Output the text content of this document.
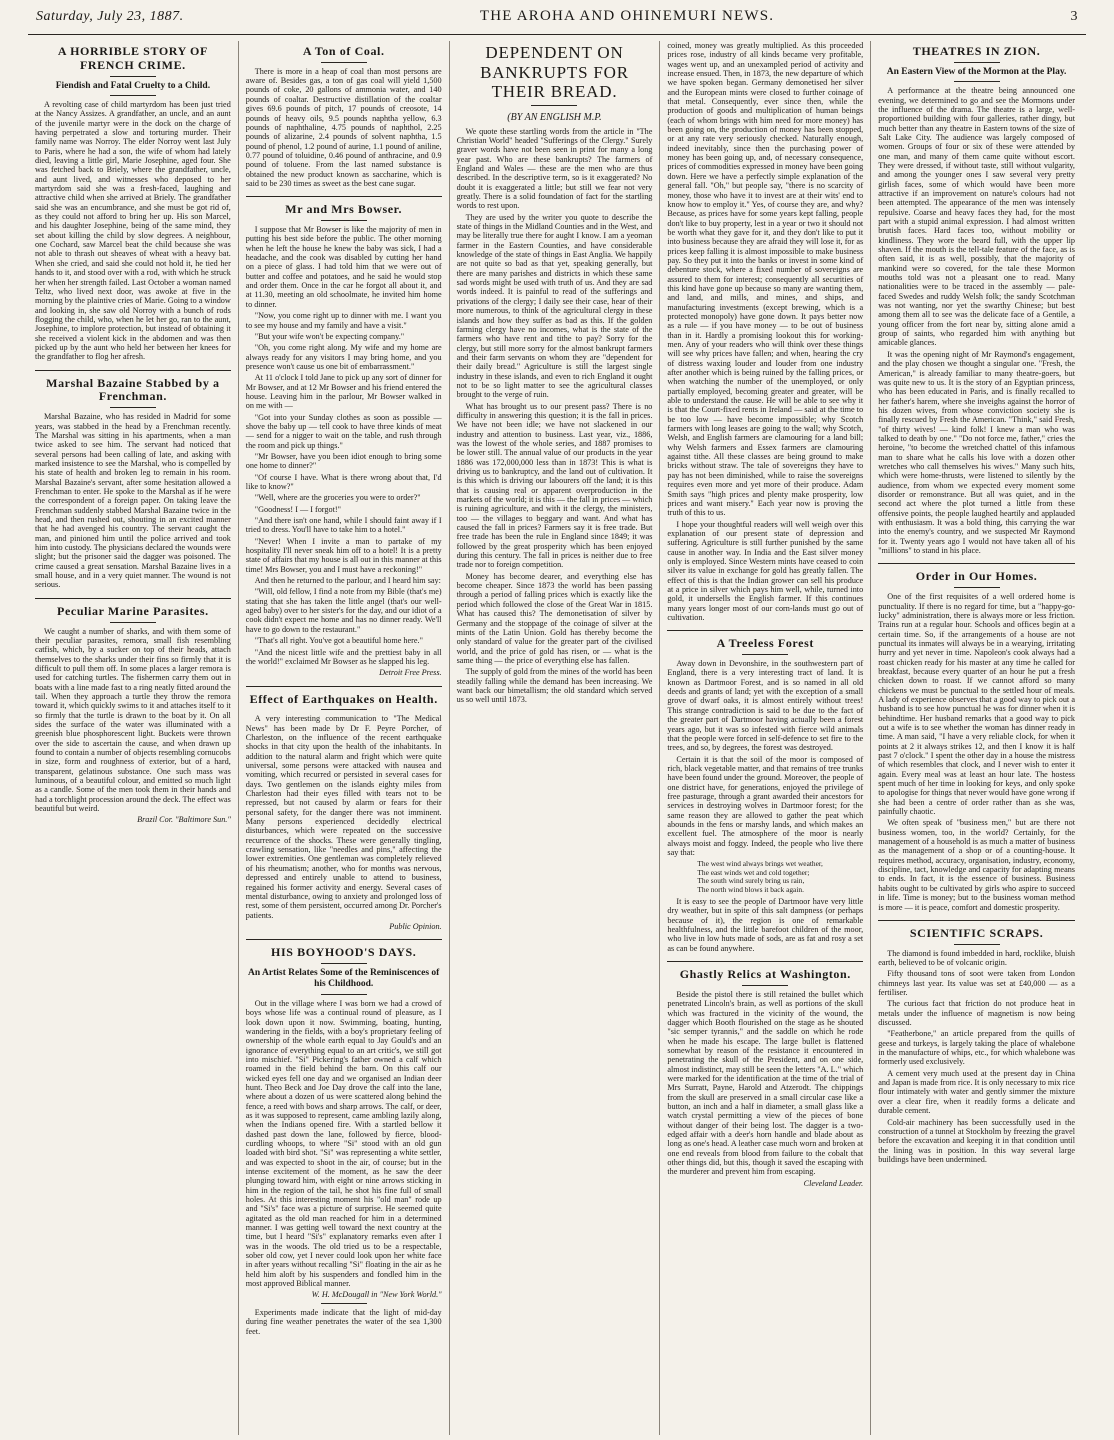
Saturday, July 23, 1887.	THE AROHA AND OHINEMURI NEWS.	3
A HORRIBLE STORY OF FRENCH CRIME.
Fiendish and Fatal Cruelty to a Child.

A revolting case of child martyrdom has been just tried at the Nancy Assizes. A grandfather, an uncle, and an aunt of the juvenile martyr were in the dock on the charge of having perpetrated a slow and torturing murder. Their family name was Norroy. The elder Norroy went last July to Paris, where he had a son, the wife of whom had lately died, leaving a little girl, Marie Josephine, aged four. She was fetched back to Briely, where the grandfather, uncle, and aunt lived, and witnesses who deposed to her martyrdom said she was a fresh-faced, laughing and attractive child when she arrived at Briely. The grandfather said she was an encumbrance, and she must be got rid of, as they could not afford to bring her up. His son Marcel, and his daughter Josephine, being of the same mind, they set about killing the child by slow degrees. A neighbour, one Cochard, saw Marcel beat the child because she was not able to thrash out sheaves of wheat with a heavy bat. When she cried, and said she could not hold it, he tied her hands to it, and stood over with a rod, with which he struck her when her strength failed. Last October a woman named Teltz, who lived next door, was awoke at five in the morning by the plaintive cries of Marie. Going to a window and looking in, she saw old Norroy with a bunch of rods flogging the child, who, when he let her go, ran to the aunt, Josephine, to implore protection, but instead of obtaining it she received a violent kick in the abdomen and was then picked up by the aunt who held her between her knees for the grandfather to flog her afresh.

Marshal Bazaine Stabbed by a Frenchman.

Marshal Bazaine, who has resided in Madrid for some years, was stabbed in the head by a Frenchman recently. The Marshal was sitting in his apartments, when a man twice asked to see him. The servant had noticed that several persons had been calling of late, and asking with marked insistence to see the Marshal, who is compelled by his state of health and broken leg to remain in his room. Marshal Bazaine's servant, after some hesitation allowed a Frenchman to enter. He spoke to the Marshal as if he were the correspondent of a foreign paper. On taking leave the Frenchman suddenly stabbed Marshal Bazaine twice in the head, and then rushed out, shouting in an excited manner that he had avenged his country. The servant caught the man, and pinioned him until the police arrived and took him into custody. The physicians declared the wounds were slight; but the prisoner said the dagger was poisoned. The crime caused a great sensation. Marshal Bazaine lives in a small house, and in a very quiet manner. The wound is not serious.

Peculiar Marine Parasites.

We caught a number of sharks, and with them some of their peculiar parasites, remora, small fish resembling catfish, which, by a sucker on top of their heads, attach themselves to the sharks under their fins so firmly that it is difficult to pull them off. In some places a larger remora is used for catching turtles. The fishermen carry them out in boats with a line made fast to a ring neatly fitted around the tail. When they approach a turtle they throw the remora toward it, which quickly swims to it and attaches itself to it so firmly that the turtle is drawn to the boat by it. On all sides the surface of the water was illuminated with a greenish blue phosphorescent light. Buckets were thrown over the side to ascertain the cause, and when drawn up found to contain a number of objects resembling cornucobs in size, form and roughness of exterior, but of a hard, transparent, gelatinous substance. One such mass was luminous, of a beautiful colour, and emitted so much light as a candle. Some of the men took them in their hands and had a torchlight procession around the deck. The effect was beautiful but weird.

Brazil Cor. "Baltimore Sun."

A Ton of Coal.

There is more in a heap of coal than most persons are aware of. Besides gas, a ton of gas coal will yield 1,500 pounds of coke, 20 gallons of ammonia water, and 140 pounds of coaltar. Destructive distillation of the coaltar gives 69.6 pounds of pitch, 17 pounds of creosote, 14 pounds of heavy oils, 9.5 pounds naphtha yellow, 6.3 pounds of naphthaline, 4.75 pounds of naphthol, 2.25 pounds of alizarine, 2.4 pounds of solvent naphtha, 1.5 pound of phenol, 1.2 pound of aurine, 1.1 pound of aniline, 0.77 pound of toluidine, 0.46 pound of anthracine, and 0.9 pound of toluene. From the last named substance is obtained the new product known as saccharine, which is said to be 230 times as sweet as the best cane sugar.

Mr and Mrs Bowser.

I suppose that Mr Bowser is like the majority of men in putting his best side before the public. The other morning when he left the house he knew the baby was sick, I had a headache, and the cook was disabled by cutting her hand on a piece of glass. I had told him that we were out of butter and coffee and potatoes, and he said he would stop and order them. Once in the car he forgot all about it, and at 11.30, meeting an old schoolmate, he invited him home to dinner.

"Now, you come right up to dinner with me. I want you to see my house and my family and have a visit."

"But your wife won't be expecting company."

"Oh, you come right along. My wife and my home are always ready for any visitors I may bring home, and you presence won't cause us one bit of embarrassment."

At 11 o'clock I told Jane to pick up any sort of dinner for Mr Bowser, and at 12 Mr Bowser and his friend entered the house. Leaving him in the parlour, Mr Bowser walked in on me with —

"Got into your Sunday clothes as soon as possible — shove the baby up — tell cook to have three kinds of meat — send for a nigger to wait on the table, and rush through the room and pick up things."

"Mr Bowser, have you been idiot enough to bring some one home to dinner?"

"Of course I have. What is there wrong about that, I'd like to know?"

"Well, where are the groceries you were to order?"

"Goodness! I — I forgot!"

"And there isn't one hand, while I should faint away if I tried to dress. You'll have to take him to a hotel."

"Never! When I invite a man to partake of my hospitality I'll never sneak him off to a hotel! It is a pretty state of affairs that my house is all out in this manner at this time! Mrs Bowser, you and I must have a reckoning!"

And then he returned to the parlour, and I heard him say:

"Will, old fellow, I find a note from my Bible (that's me) stating that she has taken the little angel (that's our well-aged baby) over to her sister's for the day, and our idiot of a cook didn't expect me home and has no dinner ready. We'll have to go down to the restaurant."

"That's all right. You've got a beautiful home here."

"And the nicest little wife and the prettiest baby in all the world!" exclaimed Mr Bowser as he slapped his leg.

Detroit Free Press.

Effect of Earthquakes on Health.

A very interesting communication to "The Medical News" has been made by Dr F. Peyre Porcher, of Charleston, on the influence of the recent earthquake shocks in that city upon the health of the inhabitants. In addition to the natural alarm and fright which were quite universal, some persons were attacked with nausea and vomiting, which recurred or persisted in several cases for days. Two gentlemen on the islands eighty miles from Charleston had their eyes filled with tears not to be repressed, but not caused by alarm or fears for their personal safety, for the danger there was not imminent. Many persons experienced decidedly electrical disturbances, which were repeated on the successive recurrence of the shocks. These were generally tingling, crawling sensation, like "needles and pins," affecting the lower extremities. One gentleman was completely relieved of his rheumatism; another, who for months was nervous, depressed and entirely unable to attend to business, regained his former activity and energy. Several cases of mental disturbance, owing to anxiety and prolonged loss of rest, some of them persistent, occurred among Dr. Porcher's patients.

Public Opinion.

HIS BOYHOOD'S DAYS.
An Artist Relates Some of the Reminiscences of his Childhood.

Out in the village where I was born we had a crowd of boys whose life was a continual round of pleasure, as I look down upon it now. Swimming, boating, hunting, wandering in the fields, with a boy's proprietary feeling of ownership of the whole earth equal to Jay Gould's and an ignorance of everything equal to an art critic's, we still got into mischief. "Si" Pickering's father owned a calf which roamed in the field behind the barn. On this calf our wicked eyes fell one day and we organised an Indian deer hunt. Theo Beck and Joe Day drove the calf into the lane, where about a dozen of us were scattered along behind the fence, a reed with bows and sharp arrows. The calf, or deer, as it was supposed to represent, came ambling lazily along, when the Indians opened fire. With a startled bellow it dashed past down the lane, followed by fierce, blood-curdling whoops, to where "Si" stood with an old gun loaded with bird shot. "Si" was representing a white settler, and was expected to shoot in the air, of course; but in the intense excitement of the moment, as he saw the deer plunging toward him, with eight or nine arrows sticking in him in the region of the tail, he shot his fine full of small holes. At this interesting moment his "old man" rode up and "Si's" face was a picture of surprise. He seemed quite agitated as the old man reached for him in a determined manner. I was getting well toward the next country at the time, but I heard "Si's" explanatory remarks even after I was in the woods. The old tried us to be a respectable, sober old cow, yet I never could look upon her white face in after years without recalling "Si" floating in the air as he held him aloft by his suspenders and fondled him in the most approved Biblical manner.

W. H. McDougall in "New York World."

Experiments made indicate that the light of mid-day during fine weather penetrates the water of the sea 1,300 feet.

DEPENDENT ON BANKRUPTS FOR THEIR BREAD.
(BY AN ENGLISH M.P.

We quote these startling words from the article in "The Christian World" headed "Sufferings of the Clergy." Surely graver words have not been seen in print for many a long year past. Who are these bankrupts? The farmers of England and Wales — these are the men who are thus described. In the descriptive term, so is it exaggerated? No doubt it is exaggerated a little; but still we fear not very greatly. There is a solid foundation of fact for the startling words to rest upon.

They are used by the writer you quote to describe the state of things in the Midland Counties and in the West, and may be literally true there for aught I know. I am a yeoman farmer in the Eastern Counties, and have considerable knowledge of the state of things in East Anglia. We happily are not quite so bad as that yet, speaking generally, but there are many parishes and districts in which these same sad words might be used with truth of us. And they are sad words indeed. It is painful to read of the sufferings and privations of the clergy; I daily see their case, hear of their more numerous, to think of the agricultural clergy in these islands and how they suffer as bad as this. If the golden farming clergy have no incomes, what is the state of the farmers who have rent and tithe to pay? Sorry for the clergy, but still more sorry for the almost bankrupt farmers and their farm servants on whom they are "dependent for their daily bread." Agriculture is still the largest single industry in these islands, and even to rich England it ought not to be so light matter to see the agricultural classes brought to the verge of ruin.

What has brought us to our present pass? There is no difficulty in answering this question; it is the fall in prices. We have not been idle; we have not slackened in our industry and attention to business. Last year, viz., 1886, was the lowest of the whole series, and 1887 promises to be lower still. The annual value of our products in the year 1886 was 172,000,000 less than in 1873! This is what is driving us to bankruptcy, and the land out of cultivation. It is this which is driving our labourers off the land; it is this that is causing real or apparent overproduction in the markets of the world; it is this — the fall in prices — which is ruining agriculture, and with it the clergy, the ministers, too — the villages to beggary and want. And what has caused the fall in prices? Farmers say it is free trade. But free trade has been the rule in England since 1849; it was followed by the great prosperity which has been enjoyed during this century. The fall in prices is neither due to free trade nor to foreign competition.

Money has become dearer, and everything else has become cheaper. Since 1873 the world has been passing through a period of falling prices which is exactly like the period which followed the close of the Great War in 1815. What has caused this? The demonetisation of silver by Germany and the stoppage of the coinage of silver at the mints of the Latin Union. Gold has thereby become the only standard of value for the greater part of the civilised world, and the price of gold has risen, or — what is the same thing — the price of everything else has fallen.

The supply of gold from the mines of the world has been steadily falling while the demand has been increasing. We want back our bimetallism; the old standard which served us so well until 1873.

coined, money was greatly multiplied. As this proceeded prices rose, industry of all kinds became very profitable, wages went up, and an unexampled period of activity and increase ensued. Then, in 1873, the new departure of which we have spoken began. Germany demonetised her silver and the European mints were closed to further coinage of that metal. Consequently, ever since then, while the production of goods and multiplication of human beings (each of whom brings with him need for more money) has been going on, the production of money has been stopped, or at any rate very seriously checked. Naturally enough, indeed inevitably, since then the purchasing power of money has been going up, and, of necessary consequence, prices of commodities expressed in money have been going down. Here we have a perfectly simple explanation of the general fall. "Oh," but people say, "there is no scarcity of money, those who have it to invest are at their wits' end to know how to employ it." Yes, of course they are, and why? Because, as prices have for some years kept falling, people don't like to buy property, lest in a year or two it should not be worth what they gave for it, and they don't like to put it into business because they are afraid they will lose it, for as prices keep falling it is almost impossible to make business pay. So they put it into the banks or invest in some kind of debenture stock, where a fixed number of sovereigns are assured to them for interest; consequently all securities of this kind have gone up because so many are wanting them, and land, and mills, and mines, and ships, and manufacturing investments (except brewing, which is a protected monopoly) have gone down. It pays better now as a rule — if you have money — to be out of business than in it. Hardly a promising lookout this for working-men. Any of your readers who will think over these things will see why prices have fallen; and when, hearing the cry of distress waxing louder and louder from one industry after another which is being ruined by the falling prices, or when watching the number of the unemployed, or only partially employed, becoming greater and greater, will be able to understand the cause. He will be able to see why it is that the Court-fixed rents in Ireland — said at the time to be too low — have become impossible; why Scotch farmers with long leases are going to the wall; why Scotch, Welsh, and English farmers are clamouring for a land bill; why Welsh farmers and Essex farmers are clamouring against tithe. All these classes are being ground to make bricks without straw. The tale of sovereigns they have to pay has not been diminished, while to raise the sovereigns requires even more and yet more of their produce. Adam Smith says "high prices and plenty make prosperity, low prices and want misery." Each year now is proving the truth of this to us.

I hope your thoughtful readers will well weigh over this explanation of our present state of depression and suffering. Agriculture is still further punished by the same cause in another way. In India and the East silver money only is employed. Since Western mints have ceased to coin silver its value in exchange for gold has greatly fallen. The effect of this is that the Indian grower can sell his produce at a price in silver which pays him well, while, turned into gold, it undersells the English farmer. If this continues many years longer most of our corn-lands must go out of cultivation.

A Treeless Forest

Away down in Devonshire, in the southwestern part of England, there is a very interesting tract of land. It is known as Dartmoor Forest, and is so named in all old deeds and grants of land; yet with the exception of a small grove of dwarf oaks, it is almost entirely without trees! This strange contradiction is said to be due to the fact of the greater part of Dartmoor having actually been a forest years ago, but it was so infested with fierce wild animals that the people were forced in self-defence to set fire to the trees, and so, by degrees, the forest was destroyed.

Certain it is that the soil of the moor is composed of rich, black vegetable matter, and that remains of tree trunks have been found under the ground. Moreover, the people of one district have, for generations, enjoyed the privilege of free pasturage, through a grant awarded their ancestors for services in destroying wolves in Dartmoor forest; for the same reason they are allowed to gather the peat which abounds in the fens or marshy lands, and which makes an excellent fuel. The atmosphere of the moor is nearly always moist and foggy. Indeed, the people who live there say that:

The west wind always brings wet weather,
The east winds wet and cold together;
The south wind surely bring us rain,
The north wind blows it back again.

It is easy to see the people of Dartmoor have very little dry weather, but in spite of this salt dampness (or perhaps because of it), the region is one of remarkable healthfulness, and the little barefoot children of the moor, who live in low huts made of sods, are as fat and rosy a set as can be found anywhere.

Ghastly Relics at Washington.

Beside the pistol there is still retained the bullet which penetrated Lincoln's brain, as well as portions of the skull which was fractured in the vicinity of the wound, the dagger which Booth flourished on the stage as he shouted "sic semper tyrannis," and the saddle on which he rode when he made his escape. The large bullet is flattened somewhat by reason of the resistance it encountered in penetrating the skull of the President, and on one side, almost indistinct, may still be seen the letters "A. L." which were marked for the identification at the time of the trial of Mrs Surratt, Payne, Harold and Atzerodt. The chippings from the skull are preserved in a small circular case like a button, an inch and a half in diameter, a small glass like a watch crystal permitting a view of the pieces of bone without danger of their being lost. The dagger is a two-edged affair with a deer's horn handle and blade about as long as one's head. A leather case much worn and broken at one end reveals from blood from failure to the cobalt that other things did, but this, though it saved the escaping with the murderer and prevent him from escaping.

Cleveland Leader.

THEATRES IN ZION.
An Eastern View of the Mormon at the Play.

A performance at the theatre being announced one evening, we determined to go and see the Mormons under the influence of the drama. The theatre is a large, well-proportioned building with four galleries, rather dingy, but much better than any theatre in Eastern towns of the size of Salt Lake City. The audience was largely composed of women. Groups of four or six of these were attended by one man, and many of them came quite without escort. They were dressed, if without taste, still without vulgarity, and among the younger ones I saw several very pretty girlish faces, some of which would have been more attractive if an improvement on nature's colours had not been attempted. The appearance of the men was intensely repulsive. Coarse and heavy faces they had, for the most part with a stupid animal expression. I had almost written brutish faces. Hard faces too, without mobility or kindliness. They wore the beard full, with the upper lip shaven. If the mouth is the tell-tale feature of the face, as is often said, it is as well, possibly, that the majority of mankind were so covered, for the tale these Mormon mouths told was not a pleasant one to read. Many nationalities were to be traced in the assembly — pale-faced Swedes and ruddy Welsh folk; the sandy Scotchman was not wanting, nor yet the swarthy Chinese; but best among them all to see was the delicate face of a Gentile, a young officer from the fort near by, sitting alone amid a group of saints, who regarded him with anything but amicable glances.

It was the opening night of Mr Raymond's engagement, and the play chosen we thought a singular one. "Fresh, the American," is already familiar to many theatre-goers, but was quite new to us. It is the story of an Egyptian princess, who has been educated in Paris, and is finally recalled to her father's harem, where she inveighs against the horror of his dozen wives, from whose conviction society she is finally rescued by Fresh the American. "Think," said Fresh, "of thirty wives! — kind folk! I knew a man who was talked to death by one." "Do not force me, father," cries the heroine, "to become the wretched chattel of this infamous man to share what he calls his love with a dozen other wretches who call themselves his wives." Many such hits, which were home-thrusts, were listened to silently by the audience, from whom we expected every moment some disorder or remonstrance. But all was quiet, and in the second act where the plot turned a little from these offensive points, the people laughed heartily and applauded with enthusiasm. It was a bold thing, this carrying the war into the enemy's country, and we suspected Mr Raymond for it. Twenty years ago I would not have taken all of his "millions" to stand in his place.

Order in Our Homes.

One of the first requisites of a well ordered home is punctuality. If there is no regard for time, but a "happy-go-lucky" administration, there is always more or less friction. Trains run at a regular hour. Schools and offices begin at a certain time. So, if the arrangements of a house are not punctual its inmates will always be in a wearying, irritating hurry and yet never in time. Napoleon's cook always had a roast chicken ready for his master at any time he called for breakfast, because every quarter of an hour he put a fresh chicken down to roast. If we cannot afford so many chickens we must be punctual to the settled hour of meals. A lady of experience observes that a good way to pick out a husband is to see how punctual he was for dinner when it is behindtime. Her husband remarks that a good way to pick out a wife is to see whether the woman has dinner ready in time. A man said, "I have a very reliable clock, for when it points at 2 it always strikes 12, and then I know it is half past 7 o'clock." I spent the other day in a house the mistress of which resembles that clock, and I never wish to enter it again. Every meal was at least an hour late. The hostess spent much of her time in looking for keys, and only spoke to apologise for things that never would have gone wrong if she had been a centre of order rather than as she was, painfully chaotic.

We often speak of "business men," but are there not business women, too, in the world? Certainly, for the management of a household is as much a matter of business as the management of a shop or of a counting-house. It requires method, accuracy, organisation, industry, economy, discipline, tact, knowledge and capacity for adapting means to ends. In fact, it is the essence of business. Business habits ought to be cultivated by girls who aspire to succeed in life. Time is money; but to the business woman method is more — it is peace, comfort and domestic prosperity.

SCIENTIFIC SCRAPS.

The diamond is found imbedded in hard, rocklike, bluish earth, believed to be of volcanic origin.

Fifty thousand tons of soot were taken from London chimneys last year. Its value was set at £40,000 — as a fertiliser.

The curious fact that friction do not produce heat in metals under the influence of magnetism is now being discussed.

"Featherbone," an article prepared from the quills of geese and turkeys, is largely taking the place of whalebone in the manufacture of whips, etc., for which whalebone was formerly used exclusively.

A cement very much used at the present day in China and Japan is made from rice. It is only necessary to mix rice flour intimately with water and gently simmer the mixture over a clear fire, when it readily forms a delicate and durable cement.

Cold-air machinery has been successfully used in the construction of a tunnel at Stockholm by freezing the gravel before the excavation and keeping it in that condition until the lining was in position. In this way several large buildings have been undermined.
